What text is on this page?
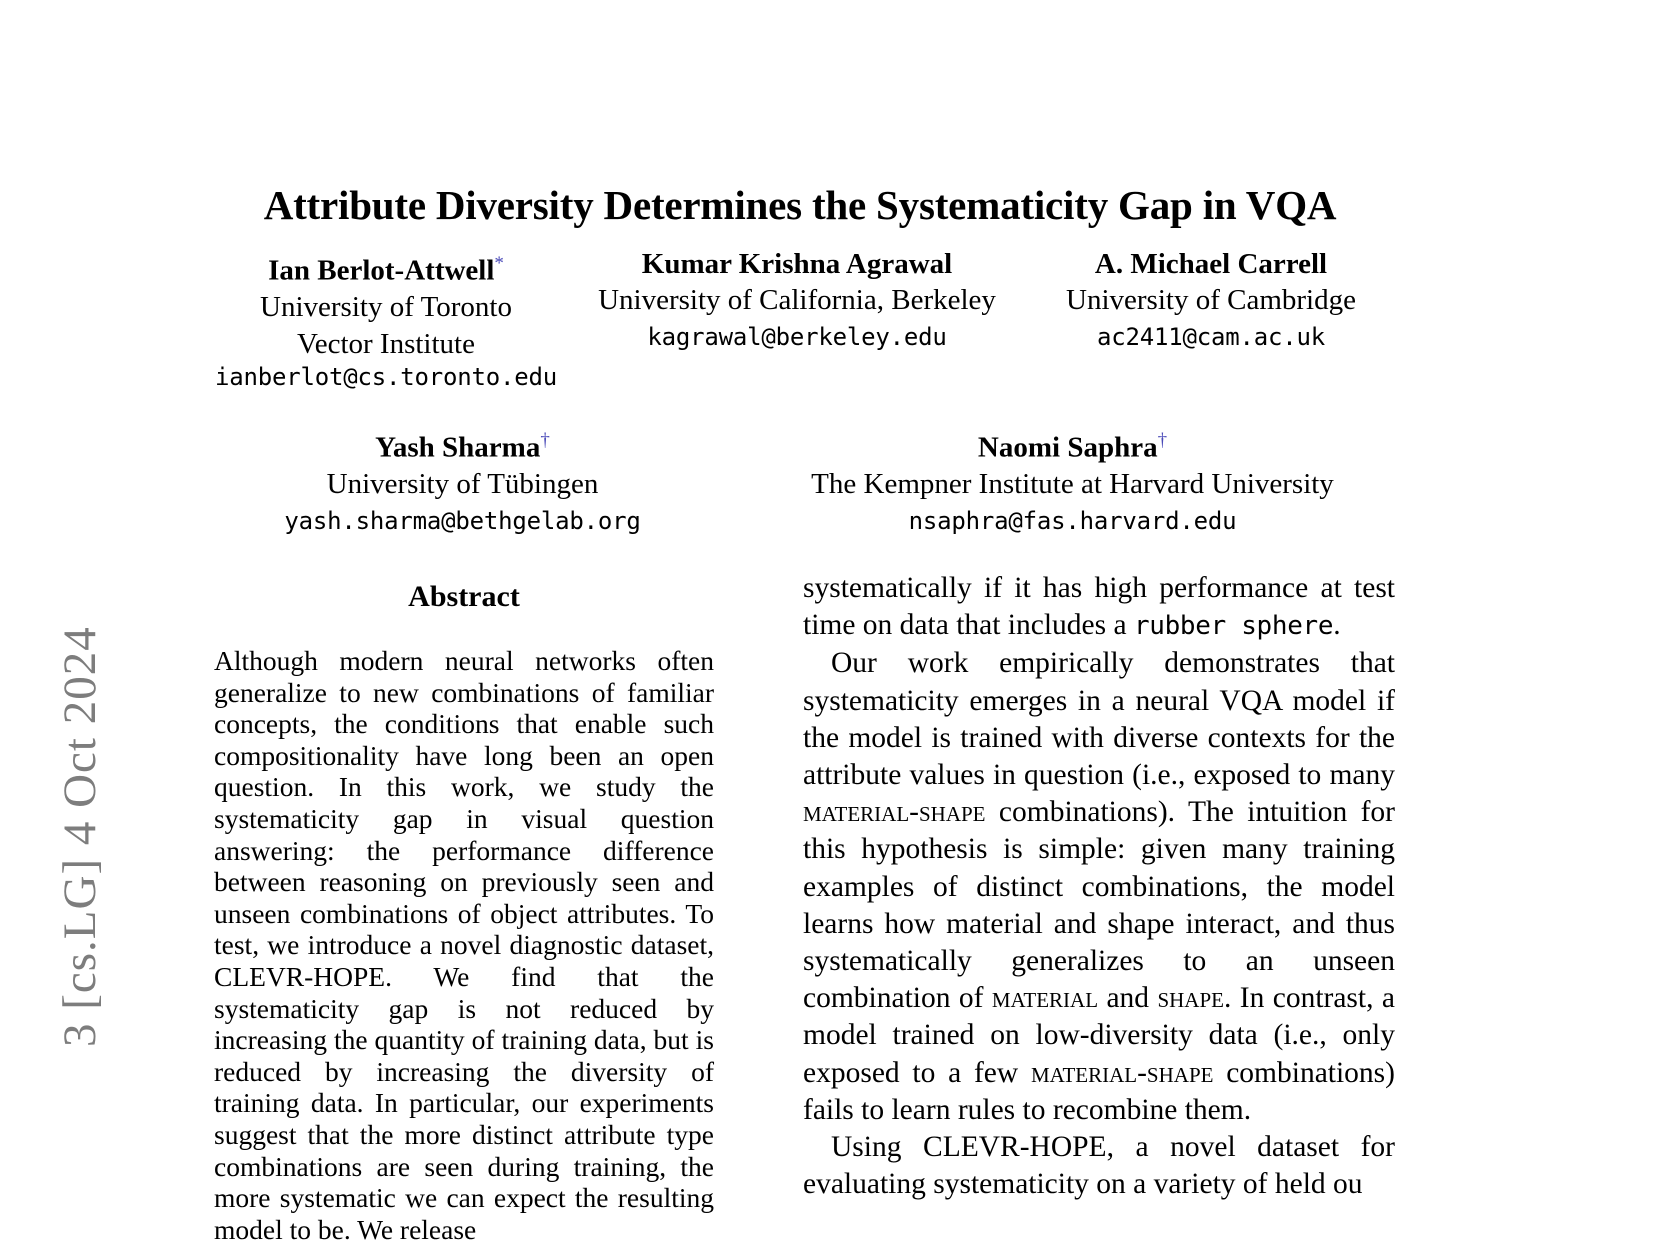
3 [cs.LG] 4 Oct 2024
Attribute Diversity Determines the Systematicity Gap in VQA
Ian Berlot-Attwell*
University of Toronto
Vector Institute
ianberlot@cs.toronto.edu
Kumar Krishna Agrawal
University of California, Berkeley
kagrawal@berkeley.edu
A. Michael Carrell
University of Cambridge
ac2411@cam.ac.uk
Yash Sharma†
University of Tübingen
yash.sharma@bethgelab.org
Naomi Saphra†
The Kempner Institute at Harvard University
nsaphra@fas.harvard.edu
Abstract

Although modern neural networks often generalize to new combinations of familiar concepts, the conditions that enable such compositionality have long been an open question. In this work, we study the systematicity gap in visual question answering: the performance difference between reasoning on previously seen and unseen combinations of object attributes. To test, we introduce a novel diagnostic dataset, CLEVR-HOPE. We find that the systematicity gap is not reduced by increasing the quantity of training data, but is reduced by increasing the diversity of training data. In particular, our experiments suggest that the more distinct attribute type combinations are seen during training, the more systematic we can expect the resulting model to be. We release

systematically if it has high performance at test time on data that includes a rubber sphere.

Our work empirically demonstrates that systematicity emerges in a neural VQA model if the model is trained with diverse contexts for the attribute values in question (i.e., exposed to many material-shape combinations). The intuition for this hypothesis is simple: given many training examples of distinct combinations, the model learns how material and shape interact, and thus systematically generalizes to an unseen combination of material and shape. In contrast, a model trained on low-diversity data (i.e., only exposed to a few material-shape combinations) fails to learn rules to recombine them.

Using CLEVR-HOPE, a novel dataset for evaluating systematicity on a variety of held ou
